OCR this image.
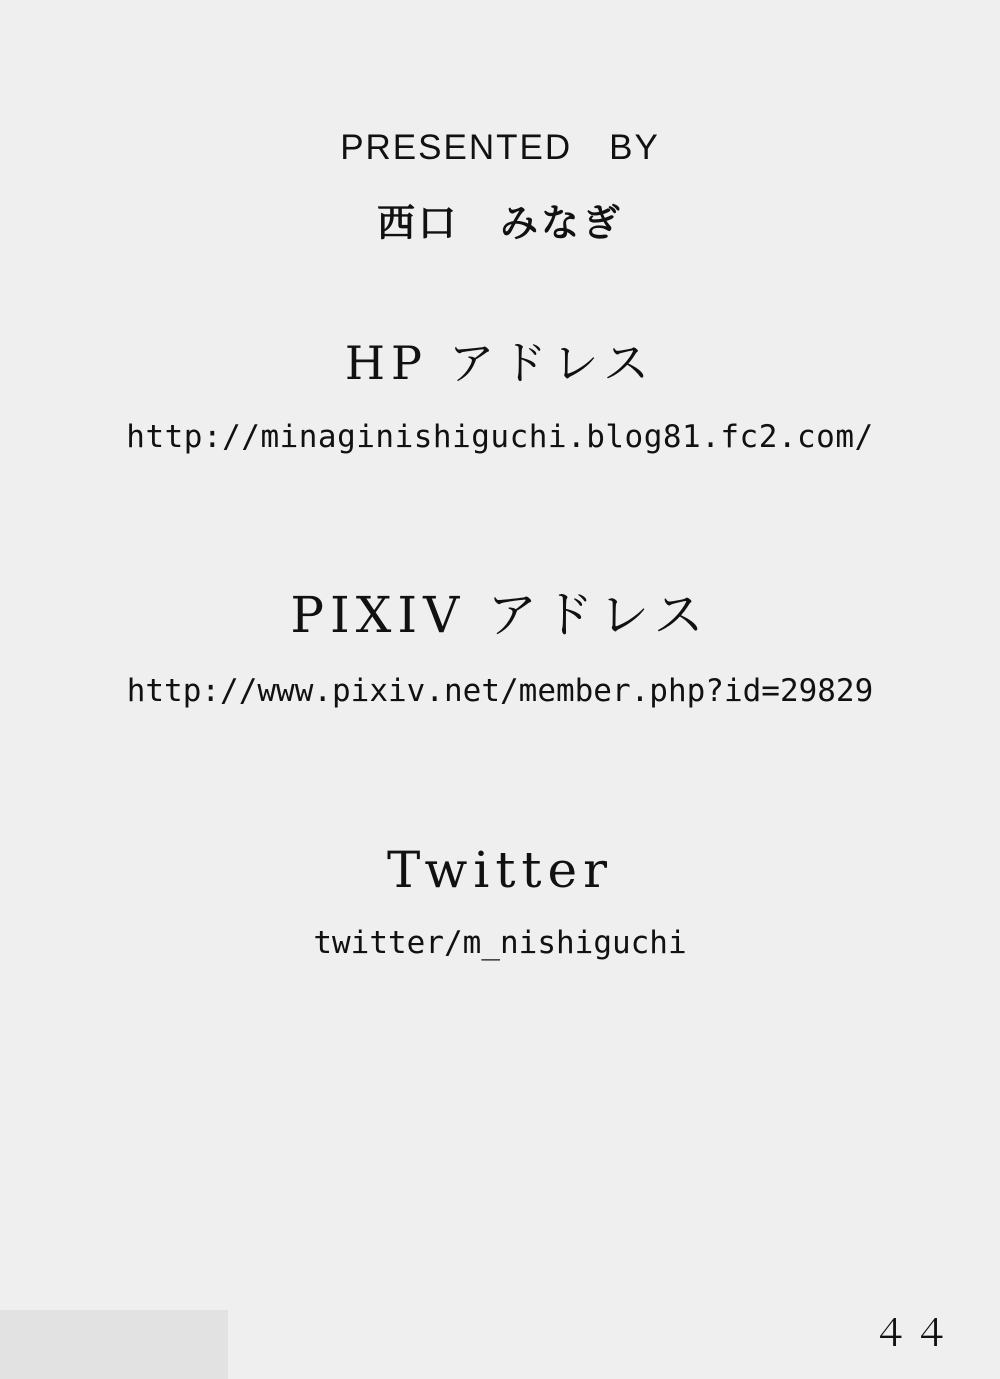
PRESENTED　BY
西口　みなぎ
HP アドレス
http://minaginishiguchi.blog81.fc2.com/
PIXIV アドレス
http://www.pixiv.net/member.php?id=29829
Twitter
twitter/m_nishiguchi
４４
